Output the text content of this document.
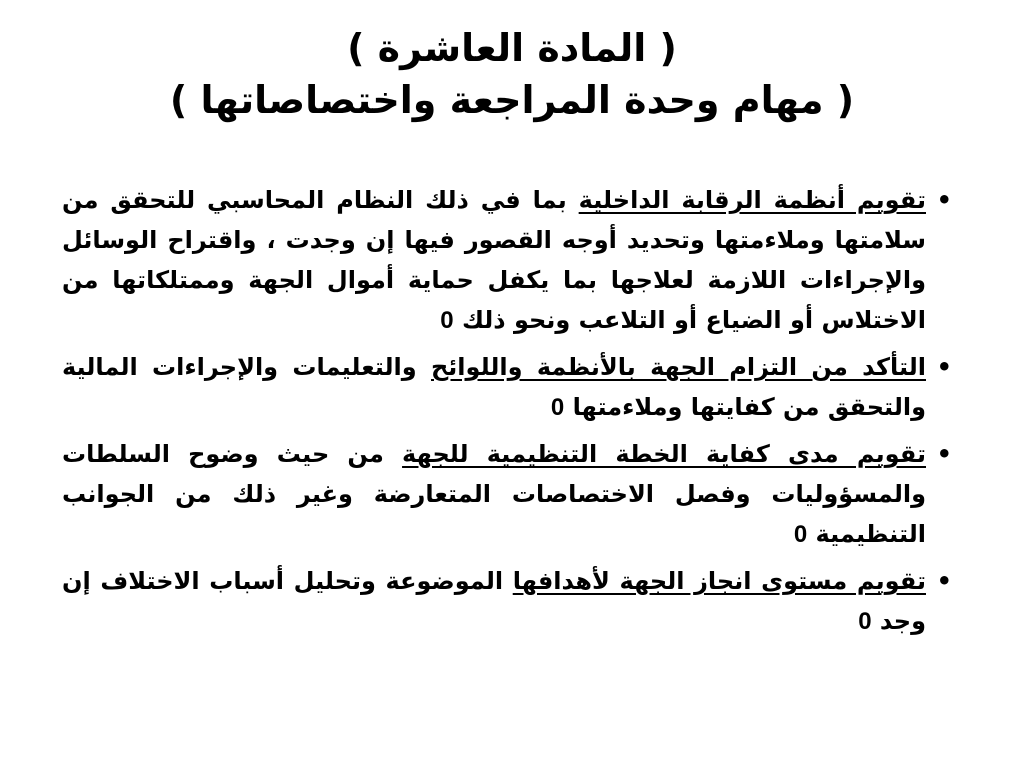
( المادة العاشرة )
( مهام وحدة المراجعة واختصاصاتها )
• تقويم أنظمة الرقابة الداخلية بما في ذلك النظام المحاسبي للتحقق من سلامتها وملاءمتها وتحديد أوجه القصور فيها إن وجدت ، واقتراح الوسائل والإجراءات اللازمة لعلاجها بما يكفل حماية أموال الجهة وممتلكاتها من الاختلاس أو الضياع أو التلاعب ونحو ذلك 0
• التأكد من التزام الجهة بالأنظمة واللوائح والتعليمات والإجراءات المالية والتحقق من كفايتها وملاءمتها 0
• تقويم مدى كفاية الخطة التنظيمية للجهة من حيث وضوح السلطات والمسؤوليات وفصل الاختصاصات المتعارضة وغير ذلك من الجوانب التنظيمية 0
• تقويم مستوى انجاز الجهة لأهدافها الموضوعة وتحليل أسباب الاختلاف إن وجد 0
